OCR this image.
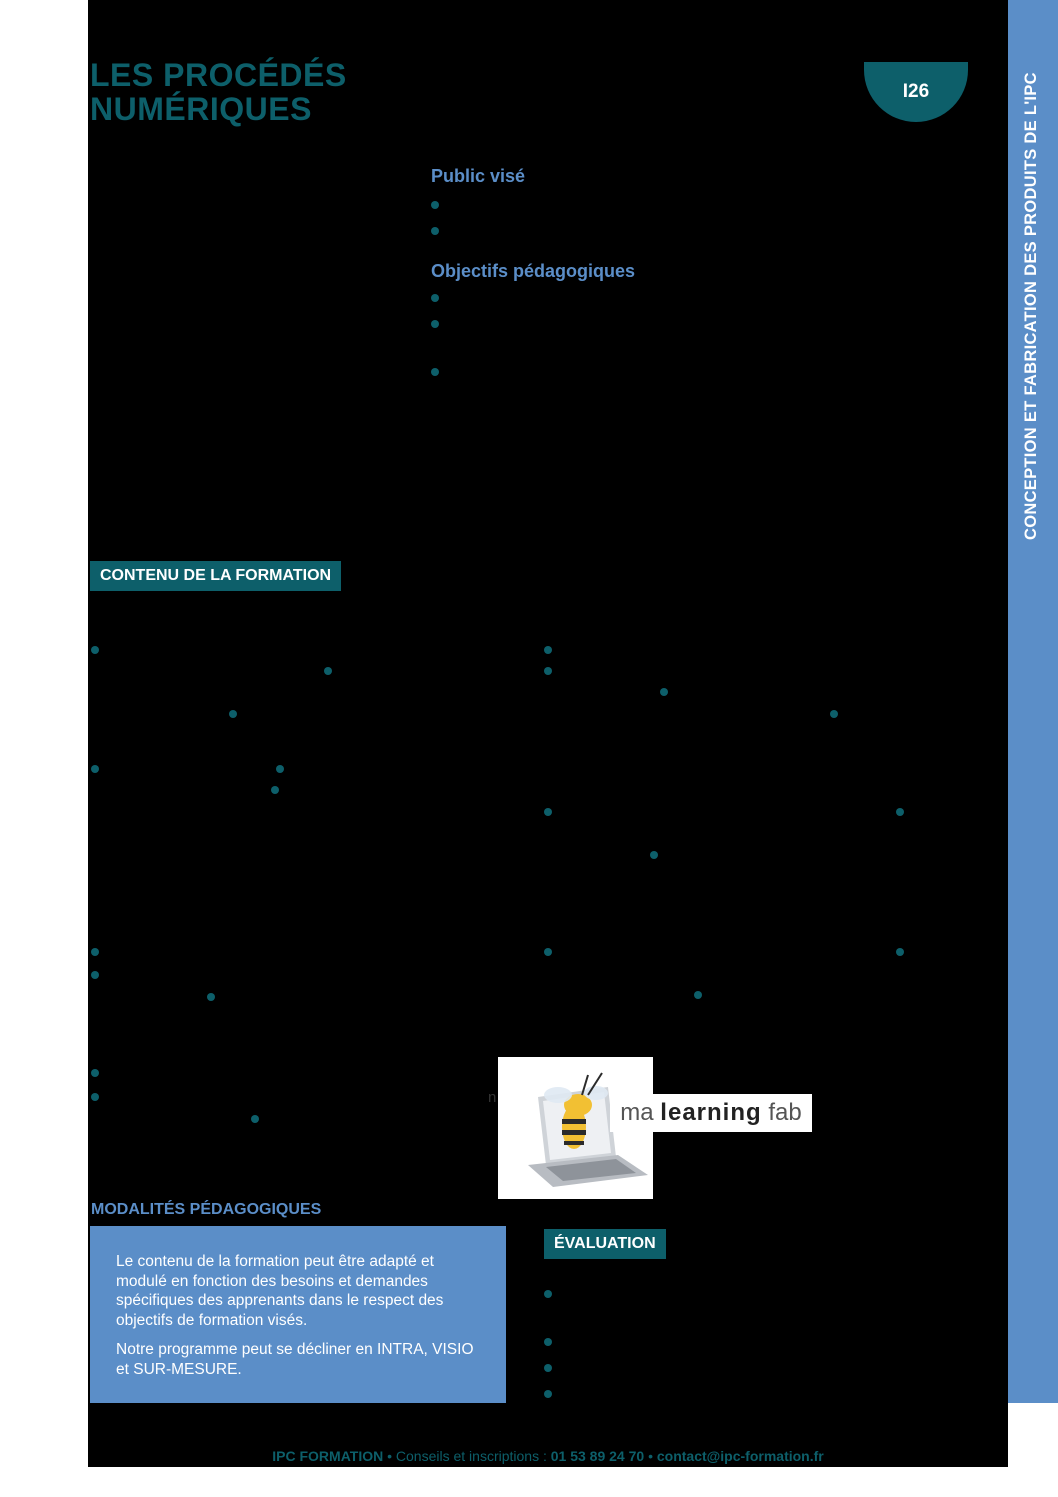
CONCEPTION ET FABRICATION DES PRODUITS DE L'IPC
LES PROCÉDÉS
NUMÉRIQUES	I26
Public visé
Objectifs pédagogiques
CONTENU DE LA FORMATION
n
ma learning fab
MODALITÉS PÉDAGOGIQUES

Le contenu de la formation peut être adapté et modulé en fonction des besoins et demandes spécifiques des apprenants dans le respect des objectifs de formation visés.

Notre programme peut se décliner en INTRA, VISIO et SUR-MESURE.

ÉVALUATION
IPC FORMATION • Conseils et inscriptions : 01 53 89 24 70 • contact@ipc-formation.fr
